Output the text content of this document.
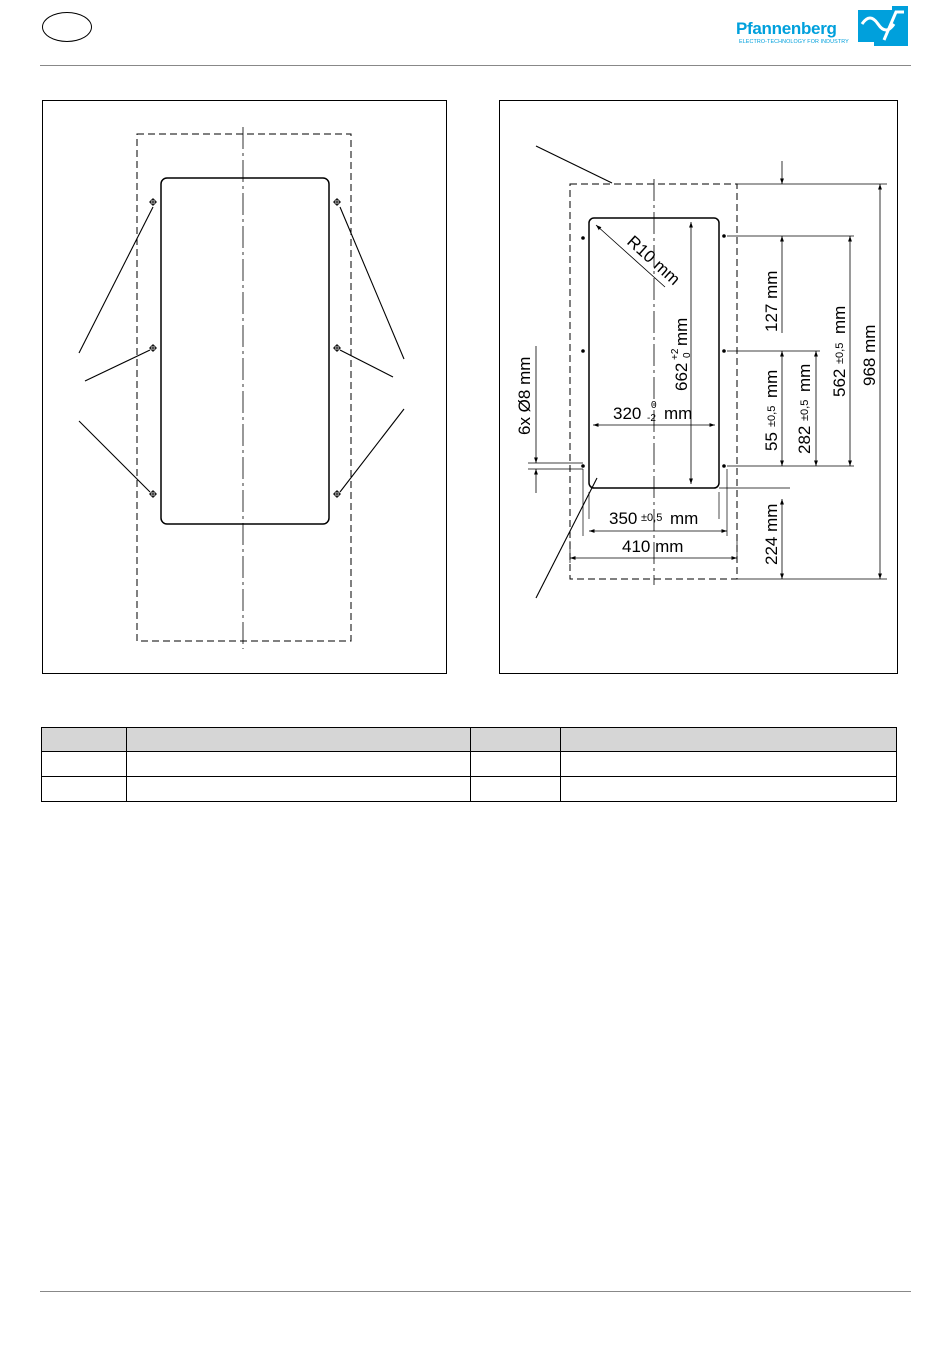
Pfannenberg
ELECTRO-TECHNOLOGY FOR INDUSTRY
R10 mm
662
+2 0
mm
320 0
-2 mm
350 ±0,5 mm
410 mm
6x Ø8 mm
127 mm
55
±0,5
mm
282
±0,5
mm 562
±0,5
mm
968 mm
224 mm
